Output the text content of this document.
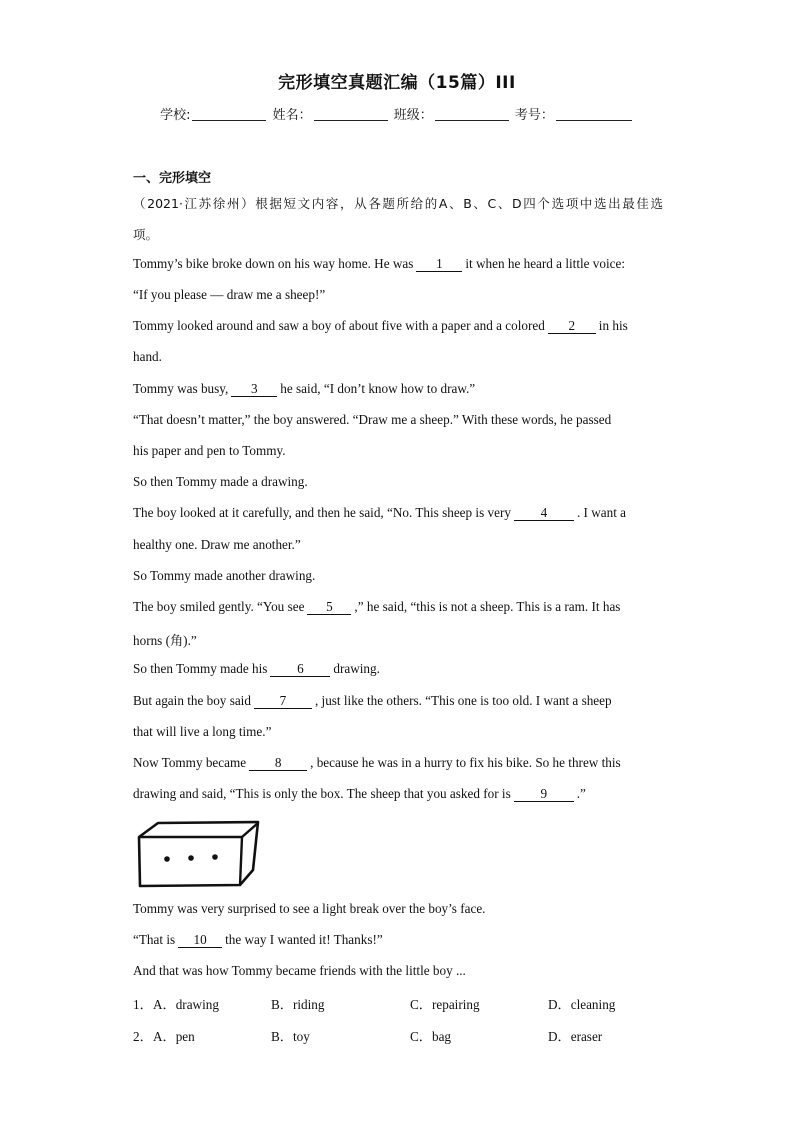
完形填空真题汇编（15篇）III
学校:	姓名：	班级：	考号：
一、完形填空
（2021·江苏徐州）根据短文内容，从各题所给的A、B、C、D四个选项中选出最佳选
项。
Tommy’s bike broke down on his way home. He was 1 it when he heard a little voice:
“If you please — draw me a sheep!”
Tommy looked around and saw a boy of about five with a paper and a colored 2 in his
hand.
Tommy was busy, 3 he said, “I don’t know how to draw.”
“That doesn’t matter,” the boy answered. “Draw me a sheep.” With these words, he passed
his paper and pen to Tommy.
So then Tommy made a drawing.
The boy looked at it carefully, and then he said, “No. This sheep is very 4 . I want a
healthy one. Draw me another.”
So Tommy made another drawing.
The boy smiled gently. “You see 5 ,” he said, “this is not a sheep. This is a ram. It has
horns (角).”
So then Tommy made his 6 drawing.
But again the boy said 7 , just like the others. “This one is too old. I want a sheep
that will live a long time.”
Now Tommy became 8 , because he was in a hurry to fix his bike. So he threw this
drawing and said, “This is only the box. The sheep that you asked for is 9 .”
Tommy was very surprised to see a light break over the boy’s face.
“That is 10 the way I wanted it! Thanks!”
And that was how Tommy became friends with the little boy ...
1． A．drawing	B．riding	C．repairing	D．cleaning
2． A．pen	B．toy	C．bag	D．eraser
